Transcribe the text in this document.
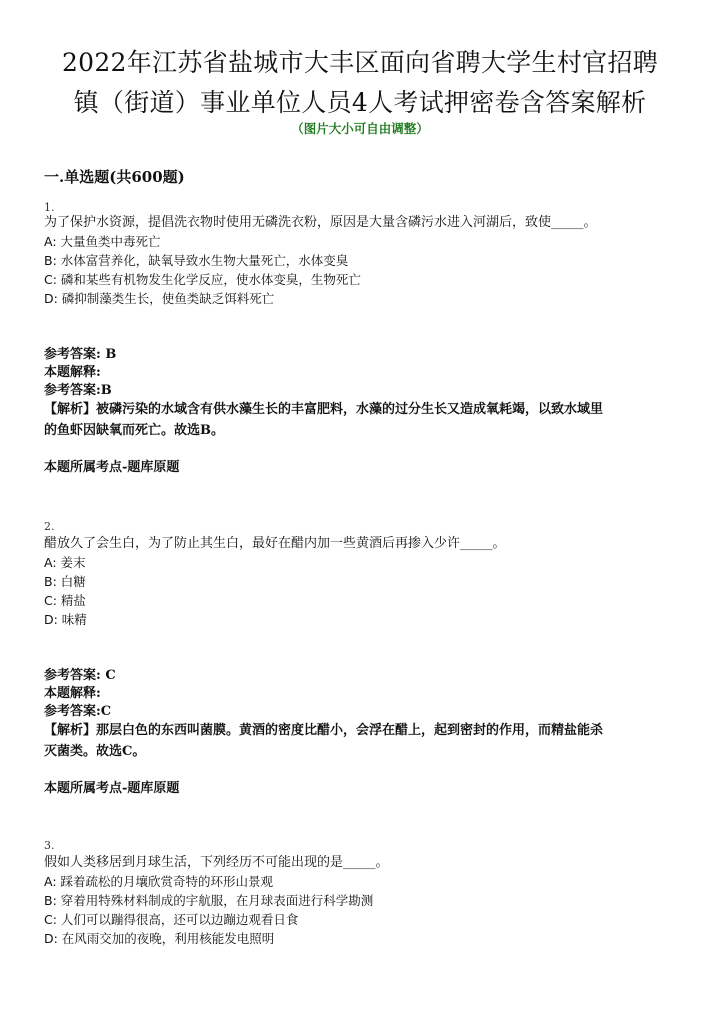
2022年江苏省盐城市大丰区面向省聘大学生村官招聘
镇（街道）事业单位人员4人考试押密卷含答案解析
（图片大小可自由调整）
一.单选题(共600题)
1.
为了保护水资源，提倡洗衣物时使用无磷洗衣粉，原因是大量含磷污水进入河湖后，致使_____。
A: 大量鱼类中毒死亡
B: 水体富营养化，缺氧导致水生物大量死亡，水体变臭
C: 磷和某些有机物发生化学反应，使水体变臭，生物死亡
D: 磷抑制藻类生长，使鱼类缺乏饵料死亡
参考答案: B
本题解释:
参考答案:B
【解析】被磷污染的水域含有供水藻生长的丰富肥料，水藻的过分生长又造成氧耗竭，以致水域里
的鱼虾因缺氧而死亡。故选B。
本题所属考点-题库原题
2.
醋放久了会生白，为了防止其生白，最好在醋内加一些黄酒后再掺入少许_____。
A: 姜末
B: 白糖
C: 精盐
D: 味精
参考答案: C
本题解释:
参考答案:C
【解析】那层白色的东西叫菌膜。黄酒的密度比醋小，会浮在醋上，起到密封的作用，而精盐能杀
灭菌类。故选C。
本题所属考点-题库原题
3.
假如人类移居到月球生活，下列经历不可能出现的是_____。
A: 踩着疏松的月壤欣赏奇特的环形山景观
B: 穿着用特殊材料制成的宇航服，在月球表面进行科学勘测
C: 人们可以蹦得很高，还可以边蹦边观看日食
D: 在风雨交加的夜晚，利用核能发电照明
